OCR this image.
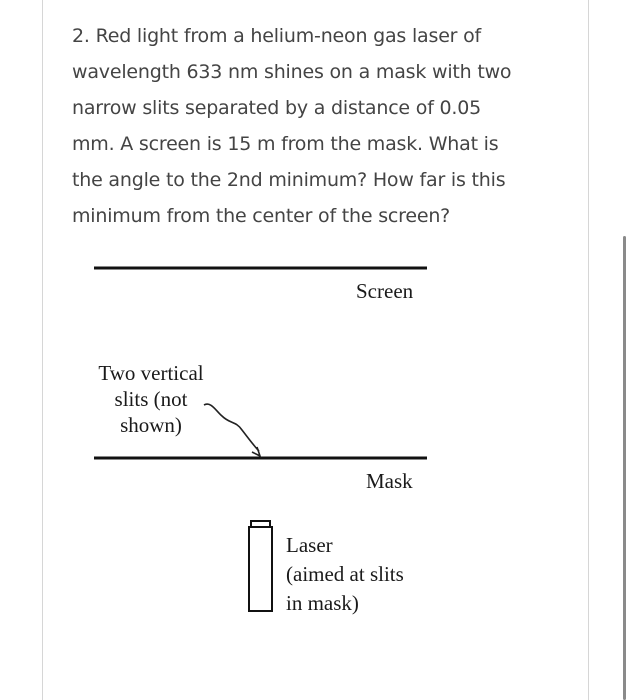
2. Red light from a helium-neon gas laser of
wavelength 633 nm shines on a mask with two
narrow slits separated by a distance of 0.05
mm. A screen is 15 m from the mask. What is
the angle to the 2nd minimum? How far is this
minimum from the center of the screen?
Screen
Mask
Two vertical
slits (not
shown)
Laser
(aimed at slits
in mask)
